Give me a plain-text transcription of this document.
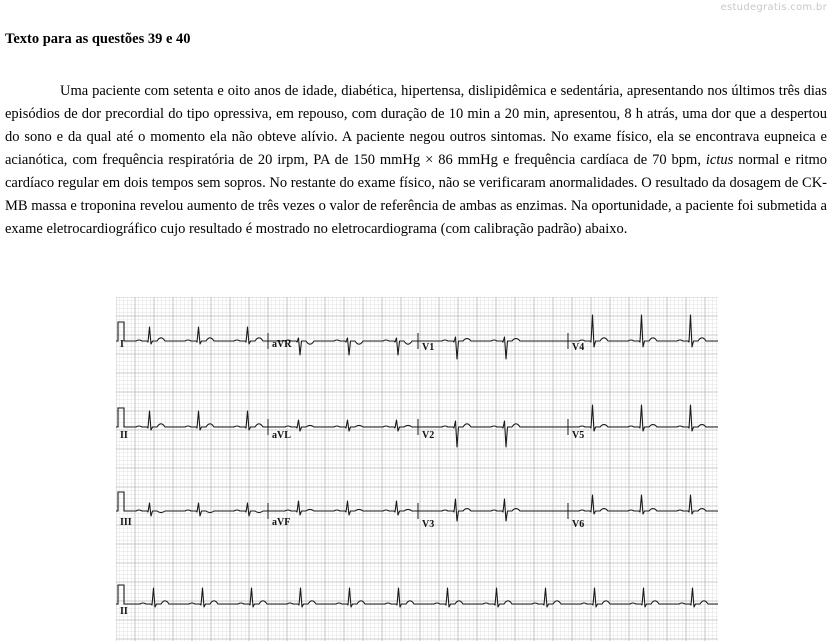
estudegratis.com.br
Texto para as questões 39 e 40

Uma paciente com setenta e oito anos de idade, diabética, hipertensa, dislipidêmica e sedentária, apresentando nos últimos três dias episódios de dor precordial do tipo opressiva, em repouso, com duração de 10 min a 20 min, apresentou, 8 h atrás, uma dor que a despertou do sono e da qual até o momento ela não obteve alívio. A paciente negou outros sintomas. No exame físico, ela se encontrava eupneica e acianótica, com frequência respiratória de 20 irpm, PA de 150 mmHg × 86 mmHg e frequência cardíaca de 70 bpm, ictus normal e ritmo cardíaco regular em dois tempos sem sopros. No restante do exame físico, não se verificaram anormalidades. O resultado da dosagem de CK-MB massa e troponina revelou aumento de três vezes o valor de referência de ambas as enzimas. Na oportunidade, a paciente foi submetida a exame eletrocardiográfico cujo resultado é mostrado no eletrocardiograma (com calibração padrão) abaixo.

I	aVR	V1	V4
II	aVL	V2	V5
III	aVF	V3	V6
II
